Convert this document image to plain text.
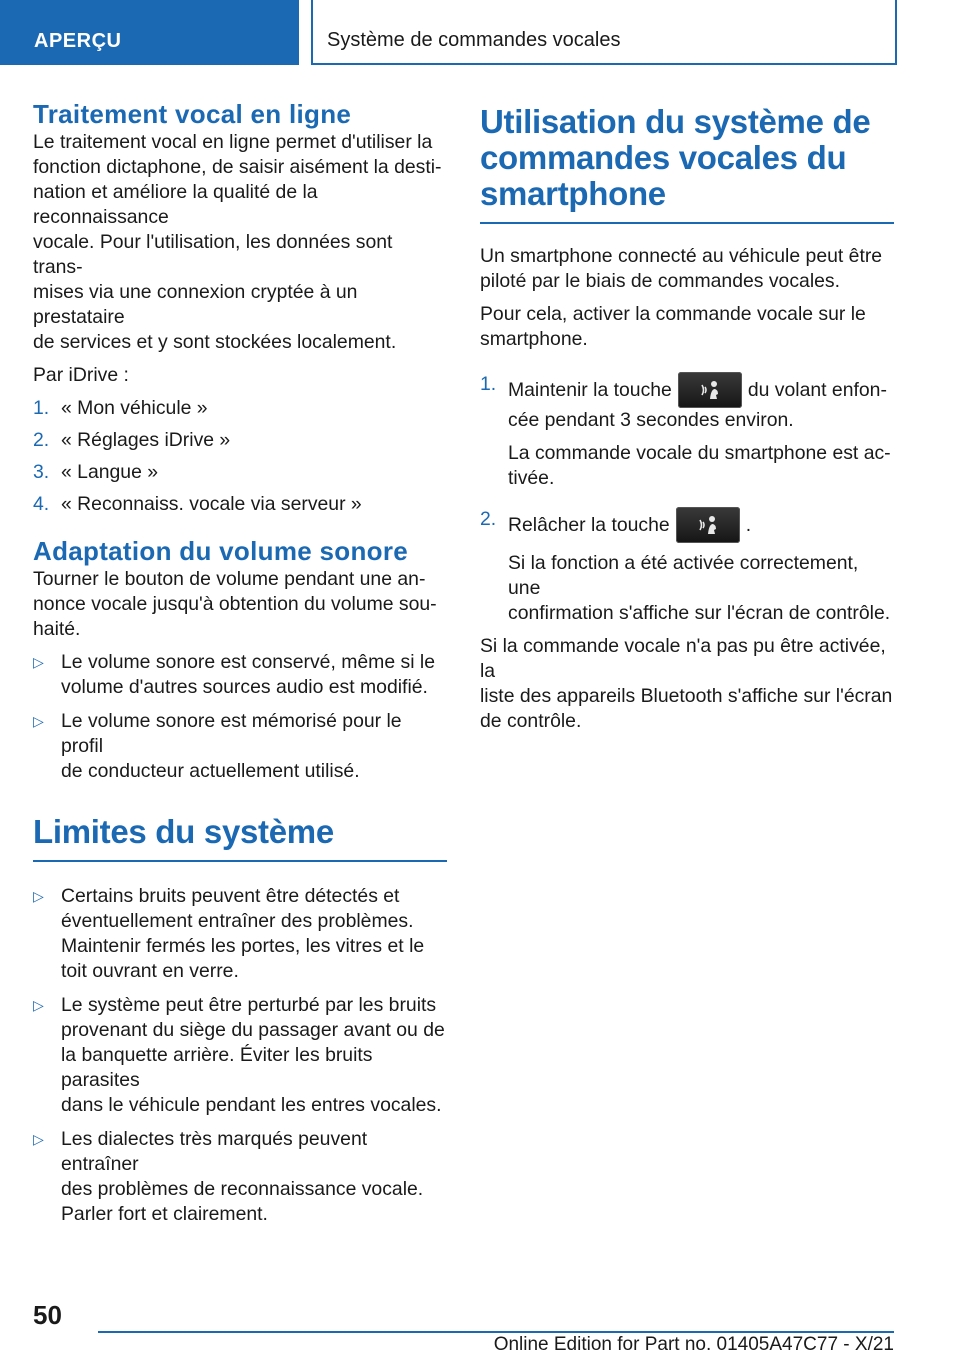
APERÇU	Système de commandes vocales
Traitement vocal en ligne

Le traitement vocal en ligne permet d'utiliser la
fonction dictaphone, de saisir aisément la desti‐
nation et améliore la qualité de la reconnaissance
vocale. Pour l'utilisation, les données sont trans‐
mises via une connexion cryptée à un prestataire
de services et y sont stockées localement.

Par iDrive :

1. « Mon véhicule »
2. « Réglages iDrive »
3. « Langue »
4. « Reconnaiss. vocale via serveur »
Adaptation du volume sonore

Tourner le bouton de volume pendant une an‐
nonce vocale jusqu'à obtention du volume sou‐
haité.

▷ Le volume sonore est conservé, même si le
volume d'autres sources audio est modifié.
▷ Le volume sonore est mémorisé pour le profil
de conducteur actuellement utilisé.
Limites du système
▷ Certains bruits peuvent être détectés et
éventuellement entraîner des problèmes.
Maintenir fermés les portes, les vitres et le
toit ouvrant en verre.
▷ Le système peut être perturbé par les bruits
provenant du siège du passager avant ou de
la banquette arrière. Éviter les bruits parasites
dans le véhicule pendant les entres vocales.
▷ Les dialectes très marqués peuvent entraîner
des problèmes de reconnaissance vocale.
Parler fort et clairement.
Utilisation du système de
commandes vocales du
smartphone

Un smartphone connecté au véhicule peut être
piloté par le biais de commandes vocales.

Pour cela, activer la commande vocale sur le
smartphone.

1. Maintenir la touche	du volant enfon‐
cée pendant 3 secondes environ.
La commande vocale du smartphone est ac‐
tivée.
2. Relâcher la touche	.
Si la fonction a été activée correctement, une
confirmation s'affiche sur l'écran de contrôle.

Si la commande vocale n'a pas pu être activée, la
liste des appareils Bluetooth s'affiche sur l'écran
de contrôle.

50
Online Edition for Part no. 01405A47C77 - X/21
